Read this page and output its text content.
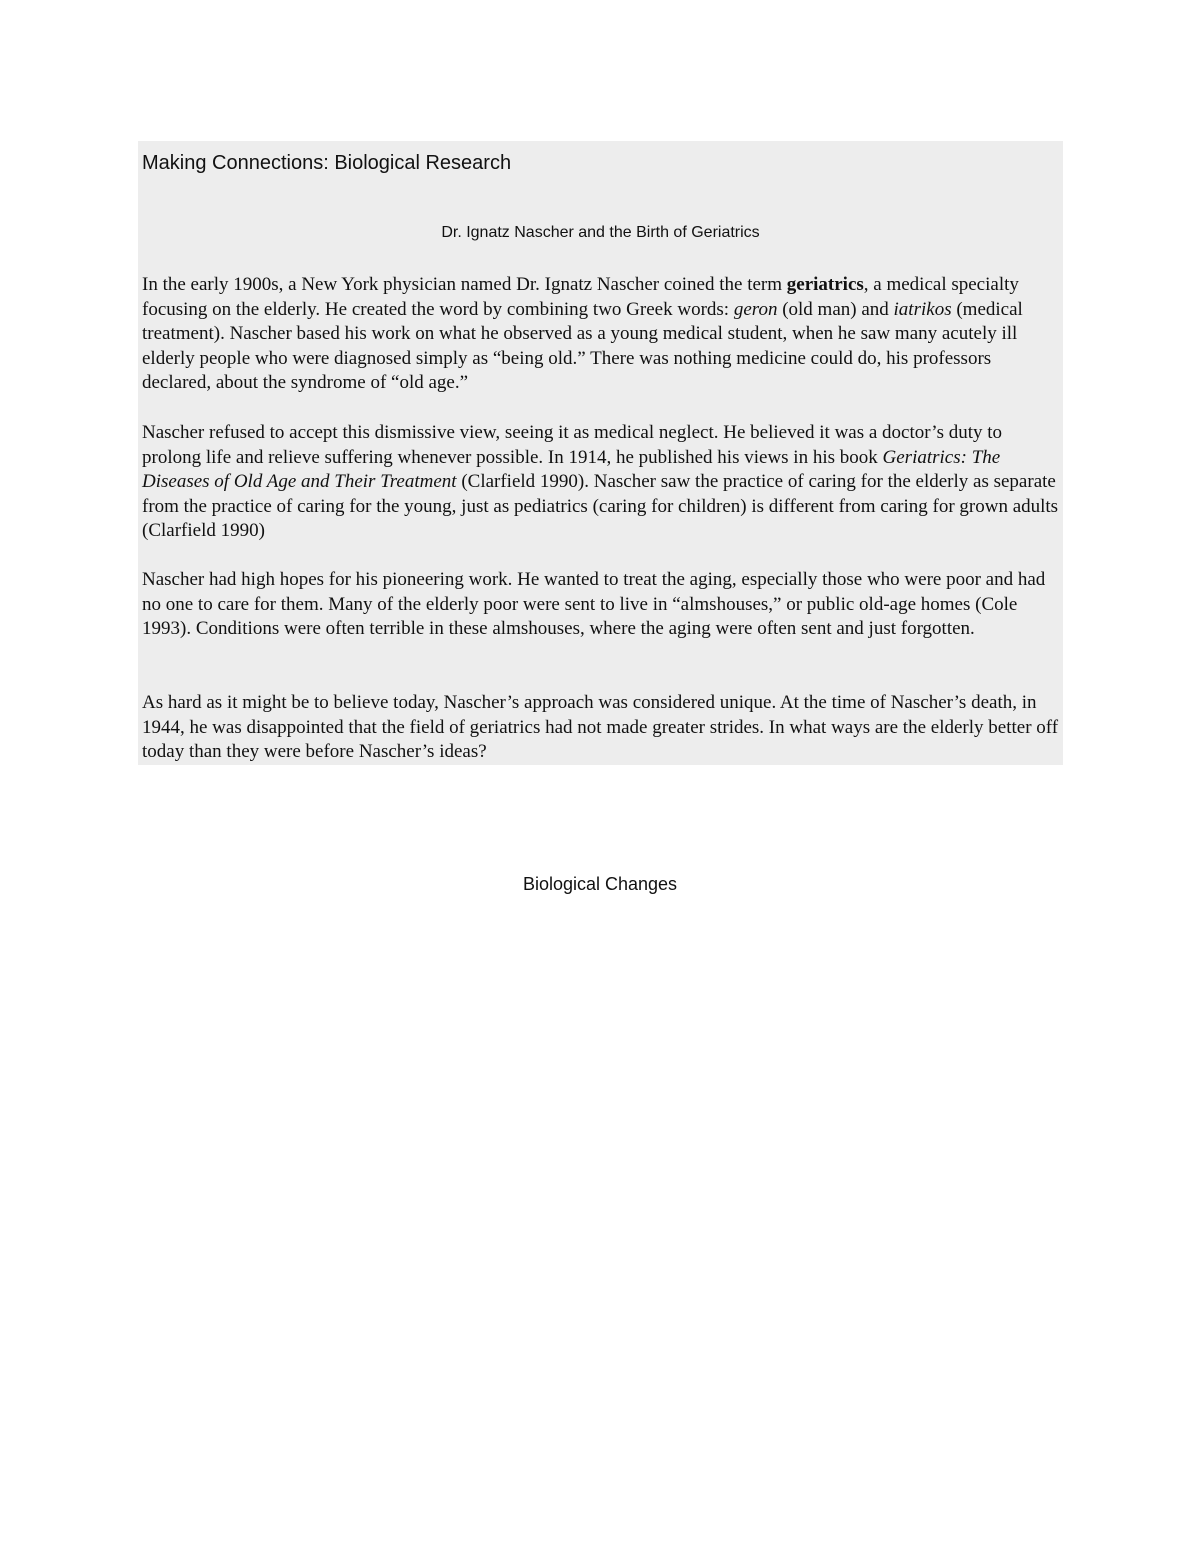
Making Connections: Biological Research
Dr. Ignatz Nascher and the Birth of Geriatrics

In the early 1900s, a New York physician named Dr. Ignatz Nascher coined the term geriatrics, a medical specialty focusing on the elderly. He created the word by combining two Greek words: geron (old man) and iatrikos (medical treatment). Nascher based his work on what he observed as a young medical student, when he saw many acutely ill elderly people who were diagnosed simply as “being old.” There was nothing medicine could do, his professors declared, about the syndrome of “old age.”

Nascher refused to accept this dismissive view, seeing it as medical neglect. He believed it was a doctor’s duty to prolong life and relieve suffering whenever possible. In 1914, he published his views in his book Geriatrics: The Diseases of Old Age and Their Treatment (Clarfield 1990). Nascher saw the practice of caring for the elderly as separate from the practice of caring for the young, just as pediatrics (caring for children) is different from caring for grown adults (Clarfield 1990)

Nascher had high hopes for his pioneering work. He wanted to treat the aging, especially those who were poor and had no one to care for them. Many of the elderly poor were sent to live in “almshouses,” or public old-age homes (Cole 1993). Conditions were often terrible in these almshouses, where the aging were often sent and just forgotten.

As hard as it might be to believe today, Nascher’s approach was considered unique. At the time of Nascher’s death, in 1944, he was disappointed that the field of geriatrics had not made greater strides. In what ways are the elderly better off today than they were before Nascher’s ideas?

Biological Changes
